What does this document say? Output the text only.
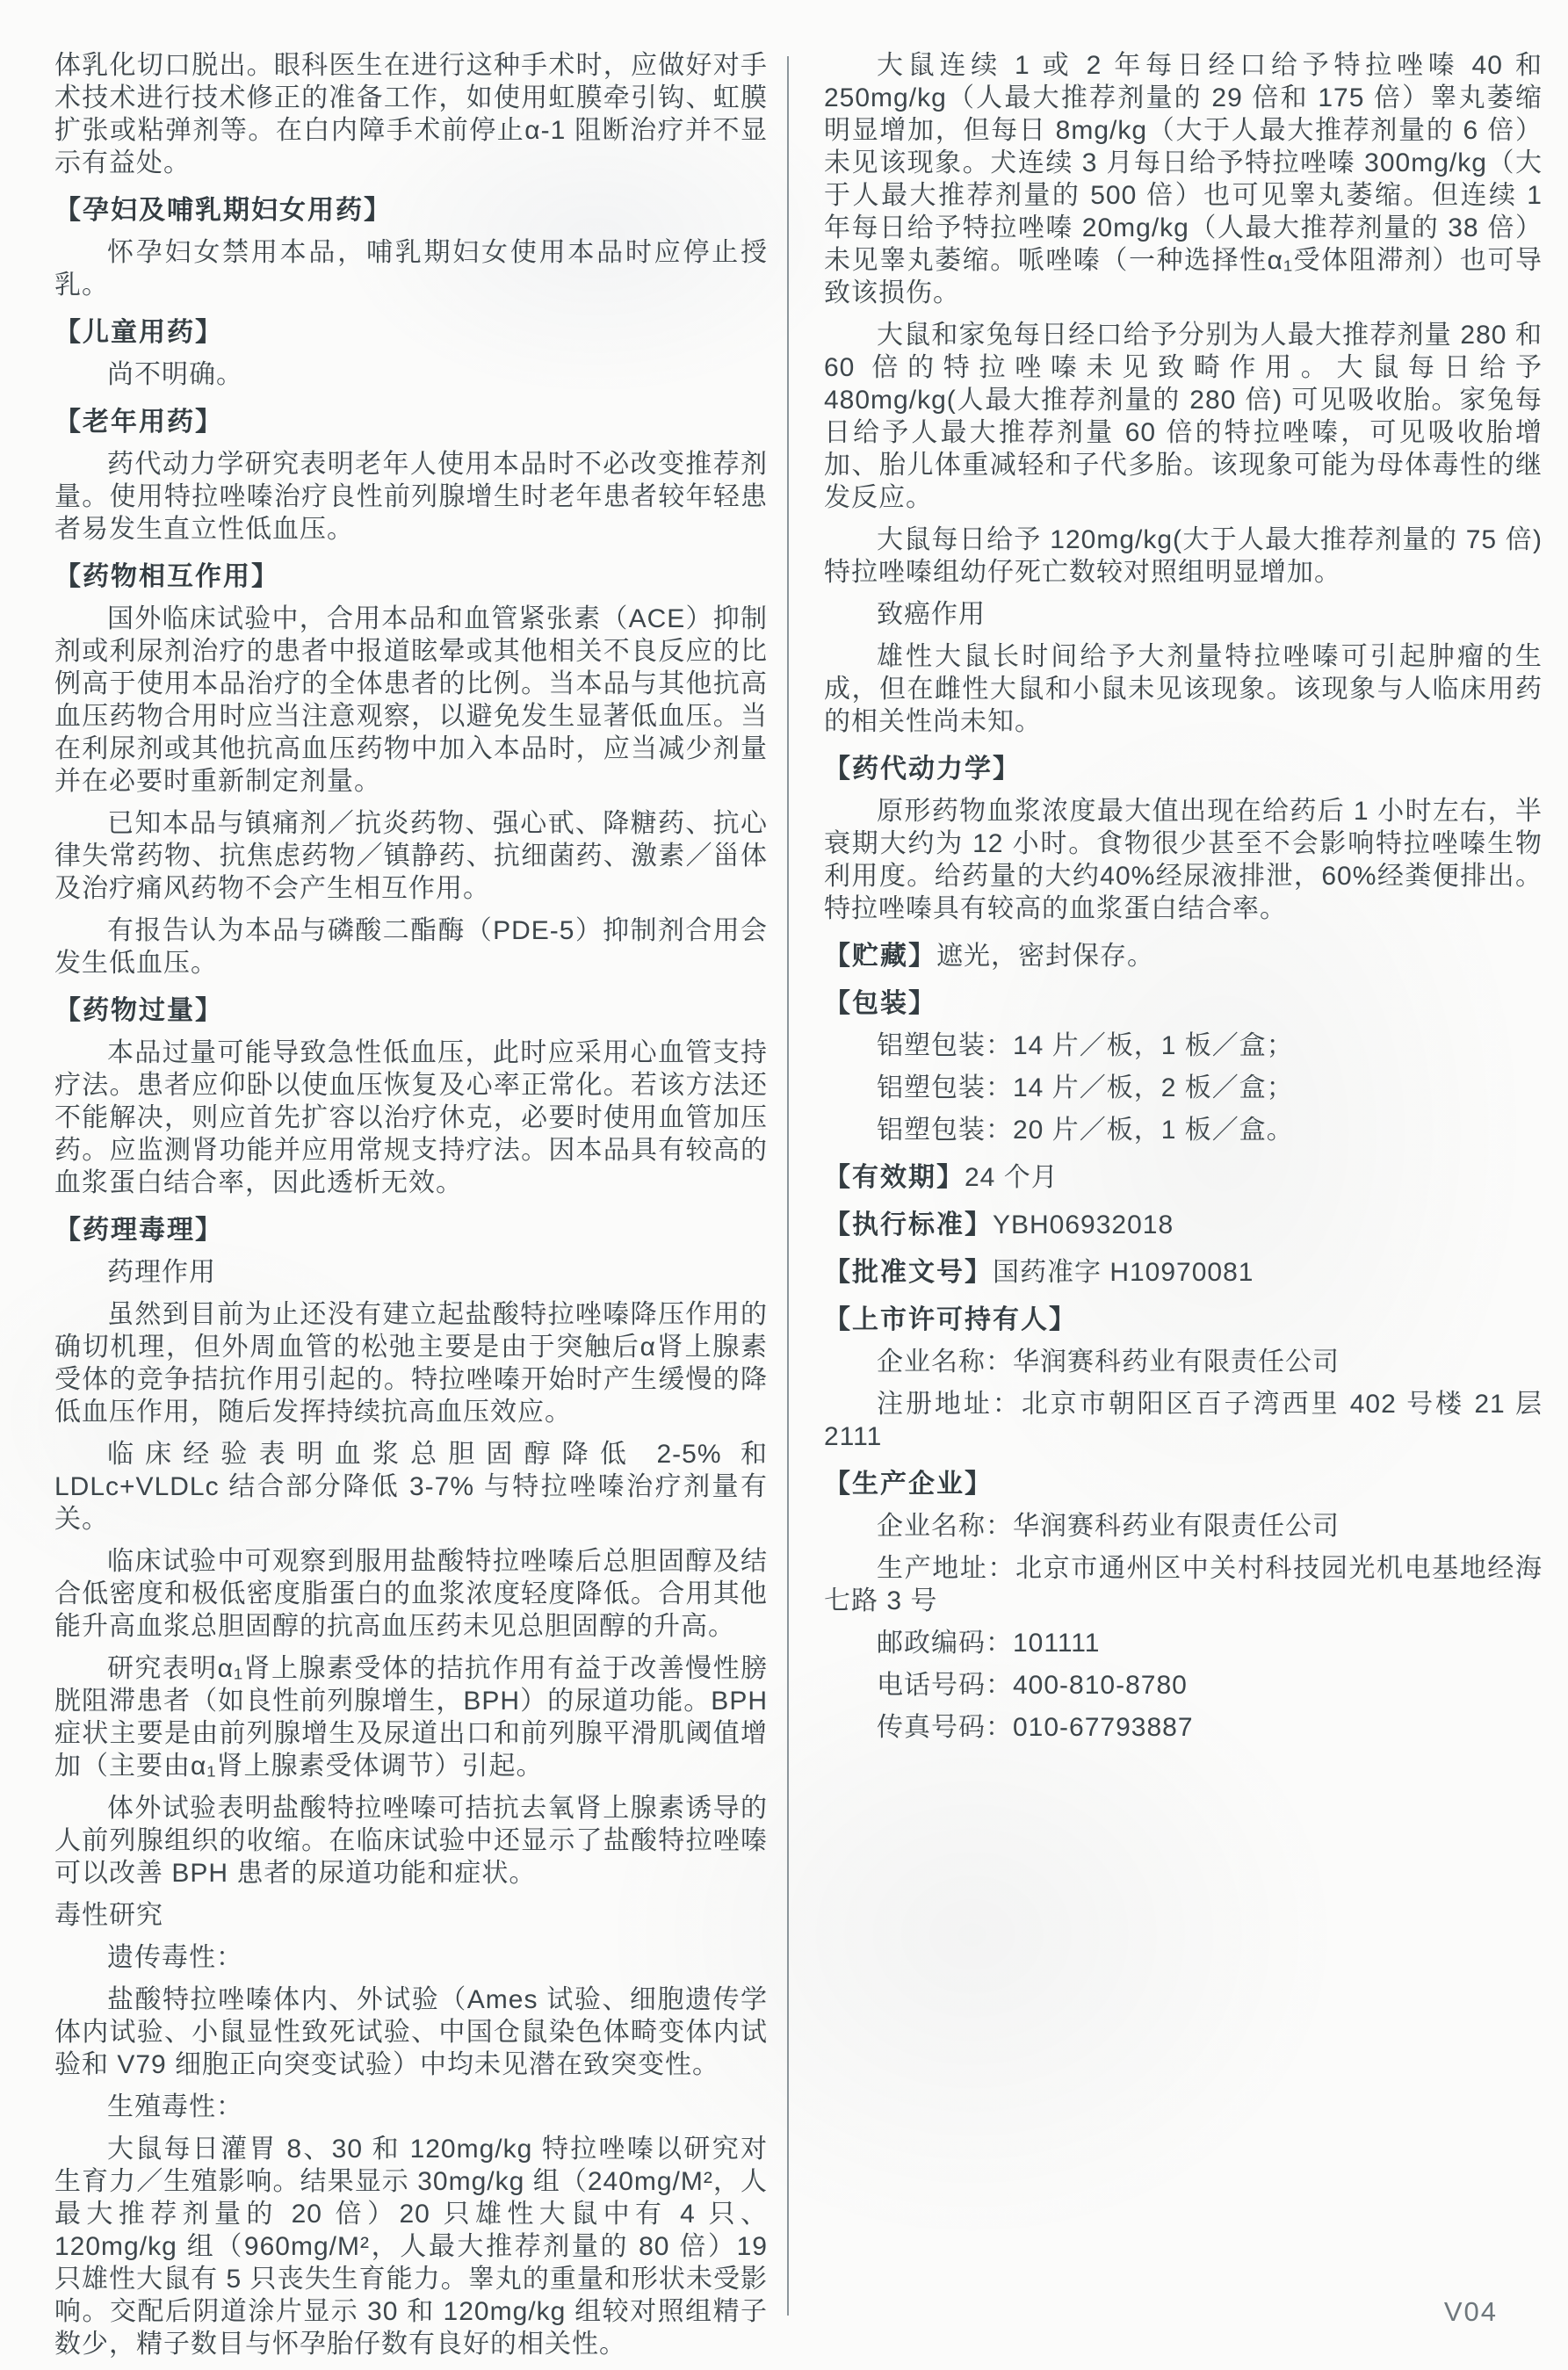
体乳化切口脱出。眼科医生在进行这种手术时，应做好对手术技术进行技术修正的准备工作，如使用虹膜牵引钩、虹膜扩张或粘弹剂等。在白内障手术前停止α-1 阻断治疗并不显示有益处。
【孕妇及哺乳期妇女用药】
怀孕妇女禁用本品，哺乳期妇女使用本品时应停止授乳。
【儿童用药】
尚不明确。
【老年用药】
药代动力学研究表明老年人使用本品时不必改变推荐剂量。使用特拉唑嗪治疗良性前列腺增生时老年患者较年轻患者易发生直立性低血压。
【药物相互作用】
国外临床试验中，合用本品和血管紧张素（ACE）抑制剂或利尿剂治疗的患者中报道眩晕或其他相关不良反应的比例高于使用本品治疗的全体患者的比例。当本品与其他抗高血压药物合用时应当注意观察，以避免发生显著低血压。当在利尿剂或其他抗高血压药物中加入本品时，应当减少剂量并在必要时重新制定剂量。
已知本品与镇痛剂／抗炎药物、强心甙、降糖药、抗心律失常药物、抗焦虑药物／镇静药、抗细菌药、激素／甾体及治疗痛风药物不会产生相互作用。
有报告认为本品与磷酸二酯酶（PDE-5）抑制剂合用会发生低血压。
【药物过量】
本品过量可能导致急性低血压，此时应采用心血管支持疗法。患者应仰卧以使血压恢复及心率正常化。若该方法还不能解决，则应首先扩容以治疗休克，必要时使用血管加压药。应监测肾功能并应用常规支持疗法。因本品具有较高的血浆蛋白结合率，因此透析无效。
【药理毒理】
药理作用
虽然到目前为止还没有建立起盐酸特拉唑嗪降压作用的确切机理，但外周血管的松弛主要是由于突触后α肾上腺素受体的竞争拮抗作用引起的。特拉唑嗪开始时产生缓慢的降低血压作用，随后发挥持续抗高血压效应。
临床经验表明血浆总胆固醇降低 2-5% 和 LDLc+VLDLc 结合部分降低 3-7% 与特拉唑嗪治疗剂量有关。
临床试验中可观察到服用盐酸特拉唑嗪后总胆固醇及结合低密度和极低密度脂蛋白的血浆浓度轻度降低。合用其他能升高血浆总胆固醇的抗高血压药未见总胆固醇的升高。
研究表明α₁肾上腺素受体的拮抗作用有益于改善慢性膀胱阻滞患者（如良性前列腺增生，BPH）的尿道功能。BPH 症状主要是由前列腺增生及尿道出口和前列腺平滑肌阈值增加（主要由α₁肾上腺素受体调节）引起。
体外试验表明盐酸特拉唑嗪可拮抗去氧肾上腺素诱导的人前列腺组织的收缩。在临床试验中还显示了盐酸特拉唑嗪可以改善 BPH 患者的尿道功能和症状。
毒性研究
遗传毒性：
盐酸特拉唑嗪体内、外试验（Ames 试验、细胞遗传学体内试验、小鼠显性致死试验、中国仓鼠染色体畸变体内试验和 V79 细胞正向突变试验）中均未见潜在致突变性。
生殖毒性：
大鼠每日灌胃 8、30 和 120mg/kg 特拉唑嗪以研究对生育力／生殖影响。结果显示 30mg/kg 组（240mg/M²，人最大推荐剂量的 20 倍）20 只雄性大鼠中有 4 只、120mg/kg 组（960mg/M²，人最大推荐剂量的 80 倍）19 只雄性大鼠有 5 只丧失生育能力。睾丸的重量和形状未受影响。交配后阴道涂片显示 30 和 120mg/kg 组较对照组精子数少，精子数目与怀孕胎仔数有良好的相关性。
大鼠连续 1 或 2 年每日经口给予特拉唑嗪 40 和 250mg/kg（人最大推荐剂量的 29 倍和 175 倍）睾丸萎缩明显增加，但每日 8mg/kg（大于人最大推荐剂量的 6 倍）未见该现象。犬连续 3 月每日给予特拉唑嗪 300mg/kg（大于人最大推荐剂量的 500 倍）也可见睾丸萎缩。但连续 1 年每日给予特拉唑嗪 20mg/kg（人最大推荐剂量的 38 倍）未见睾丸萎缩。哌唑嗪（一种选择性α₁受体阻滞剂）也可导致该损伤。
大鼠和家兔每日经口给予分别为人最大推荐剂量 280 和 60 倍的特拉唑嗪未见致畸作用。大鼠每日给予 480mg/kg(人最大推荐剂量的 280 倍) 可见吸收胎。家兔每日给予人最大推荐剂量 60 倍的特拉唑嗪，可见吸收胎增加、胎儿体重减轻和子代多胎。该现象可能为母体毒性的继发反应。
大鼠每日给予 120mg/kg(大于人最大推荐剂量的 75 倍)特拉唑嗪组幼仔死亡数较对照组明显增加。
致癌作用
雄性大鼠长时间给予大剂量特拉唑嗪可引起肿瘤的生成，但在雌性大鼠和小鼠未见该现象。该现象与人临床用药的相关性尚未知。
【药代动力学】
原形药物血浆浓度最大值出现在给药后 1 小时左右，半衰期大约为 12 小时。食物很少甚至不会影响特拉唑嗪生物利用度。给药量的大约40%经尿液排泄，60%经粪便排出。特拉唑嗪具有较高的血浆蛋白结合率。
【贮藏】遮光，密封保存。
【包装】
铝塑包装：14 片／板，1 板／盒；
铝塑包装：14 片／板，2 板／盒；
铝塑包装：20 片／板，1 板／盒。
【有效期】24 个月
【执行标准】YBH06932018
【批准文号】国药准字 H10970081
【上市许可持有人】
企业名称：华润赛科药业有限责任公司
注册地址：北京市朝阳区百子湾西里 402 号楼 21 层 2111
【生产企业】
企业名称：华润赛科药业有限责任公司
生产地址：北京市通州区中关村科技园光机电基地经海七路 3 号
邮政编码：101111
电话号码：400-810-8780
传真号码：010-67793887
V04
